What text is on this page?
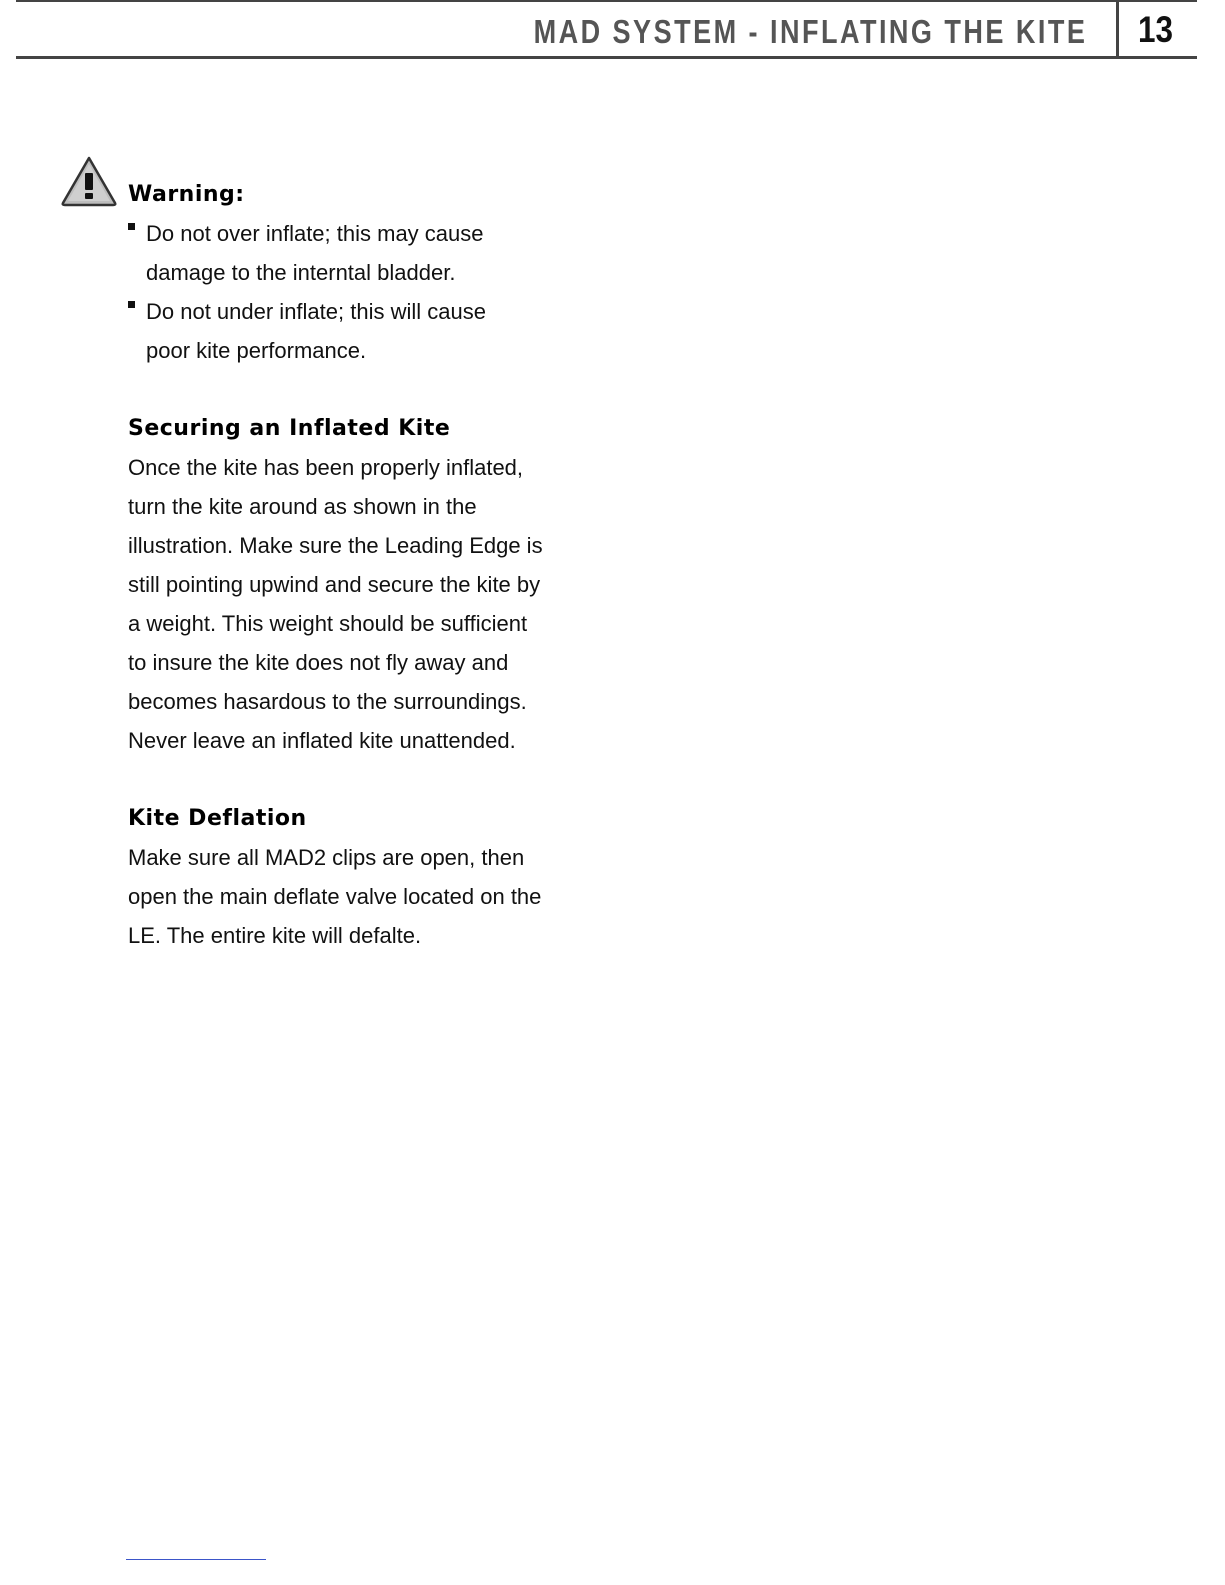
MAD SYSTEM - INFLATING THE KITE 13
Warning:
Do not over inflate; this may cause
damage to the interntal bladder.
Do not under inflate; this will cause
poor kite performance.
Securing an Inflated Kite
Once the kite has been properly inflated,
turn the kite around as shown in the
illustration. Make sure the Leading Edge is
still pointing upwind and secure the kite by
a weight. This weight should be sufficient
to insure the kite does not fly away and
becomes hasardous to the surroundings.
Never leave an inflated kite unattended.
Kite Deflation
Make sure all MAD2 clips are open, then
open the main deflate valve located on the
LE. The entire kite will defalte.
